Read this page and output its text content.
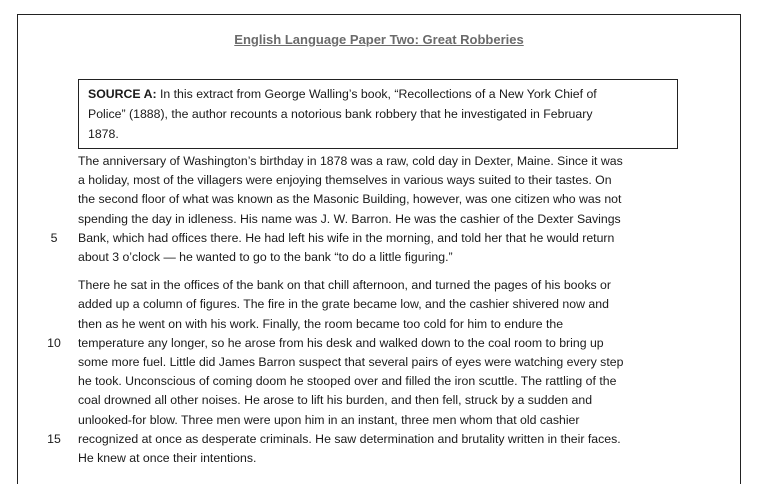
English Language Paper Two: Great Robberies
SOURCE A: In this extract from George Walling’s book, “Recollections of a New York Chief of
Police” (1888), the author recounts a notorious bank robbery that he investigated in February
1878.

The anniversary of Washington’s birthday in 1878 was a raw, cold day in Dexter, Maine. Since it was
a holiday, most of the villagers were enjoying themselves in various ways suited to their tastes. On
the second floor of what was known as the Masonic Building, however, was one citizen who was not
spending the day in idleness. His name was J. W. Barron. He was the cashier of the Dexter Savings
5	Bank, which had offices there. He had left his wife in the morning, and told her that he would return
about 3 o’clock — he wanted to go to the bank “to do a little figuring.”

There he sat in the offices of the bank on that chill afternoon, and turned the pages of his books or
added up a column of figures. The fire in the grate became low, and the cashier shivered now and
then as he went on with his work. Finally, the room became too cold for him to endure the
10 temperature any longer, so he arose from his desk and walked down to the coal room to bring up
some more fuel. Little did James Barron suspect that several pairs of eyes were watching every step
he took. Unconscious of coming doom he stooped over and filled the iron scuttle. The rattling of the
coal drowned all other noises. He arose to lift his burden, and then fell, struck by a sudden and
unlooked-for blow. Three men were upon him in an instant, three men whom that old cashier
15 recognized at once as desperate criminals. He saw determination and brutality written in their faces.
He knew at once their intentions.
